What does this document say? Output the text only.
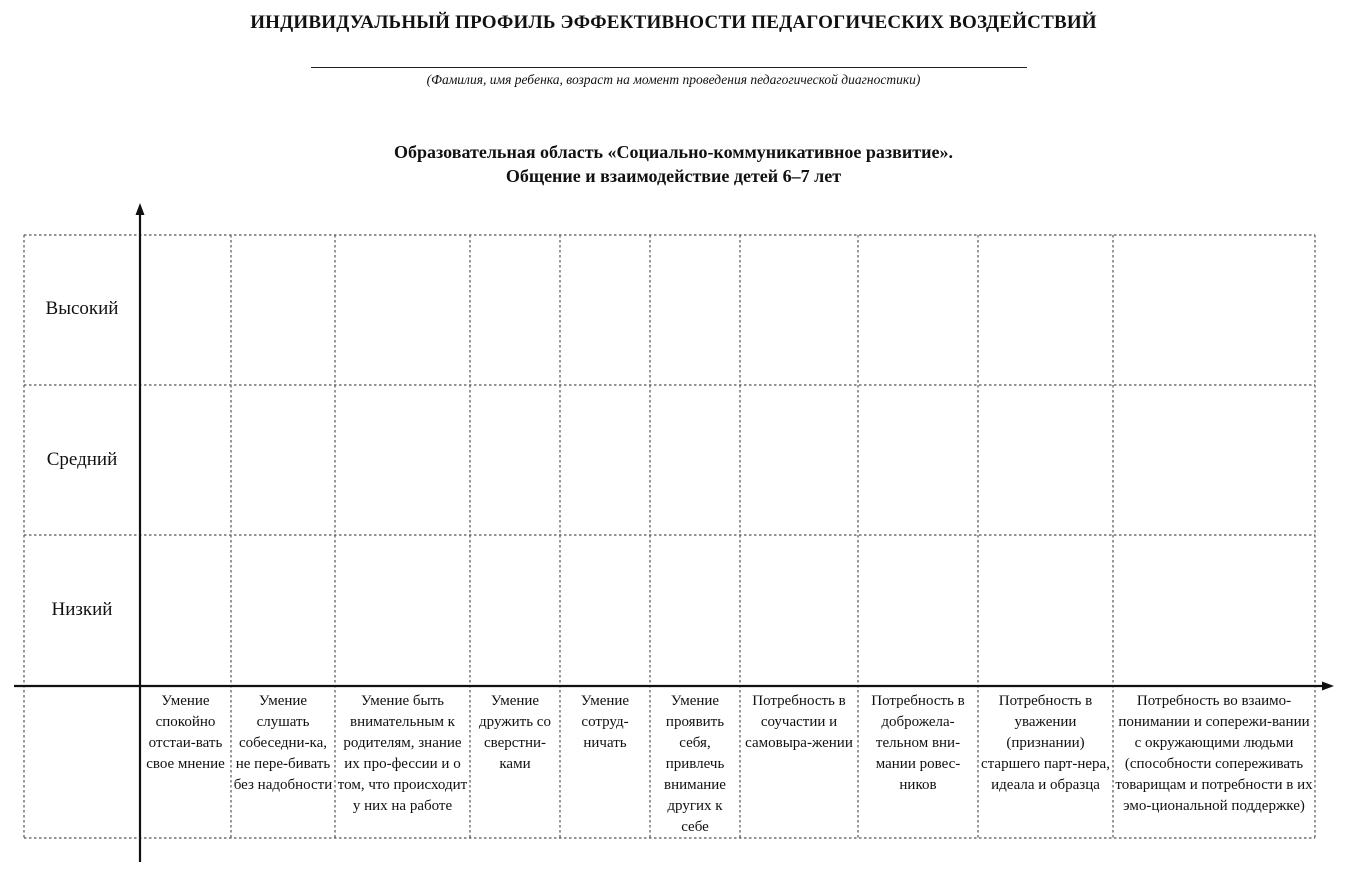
ИНДИВИДУАЛЬНЫЙ ПРОФИЛЬ ЭФФЕКТИВНОСТИ ПЕДАГОГИЧЕСКИХ ВОЗДЕЙСТВИЙ
(Фамилия, имя ребенка, возраст на момент проведения педагогической диагностики)
Образовательная область «Социально-коммуникативное развитие».
Общение и взаимодействие детей 6–7 лет
Высокий
Средний
Низкий
Умение спокойно отстаи-вать свое мнение
Умение слушать собеседни-ка, не пере-бивать без надобности
Умение быть внимательным к родителям, знание их про-фессии и о том, что происходит у них на работе
Умение дружить со сверстни-ками
Умение сотруд-ничать
Умение проявить себя, привлечь внимание других к себе
Потребность в соучастии и самовыра-жении
Потребность в доброжела-тельном вни-мании ровес-ников
Потребность в уважении (признании) старшего парт-нера, идеала и образца
Потребность во взаимо-понимании и сопережи-вании с окружающими людьми (способности сопереживать товарищам и потребности в их эмо-циональной поддержке)
